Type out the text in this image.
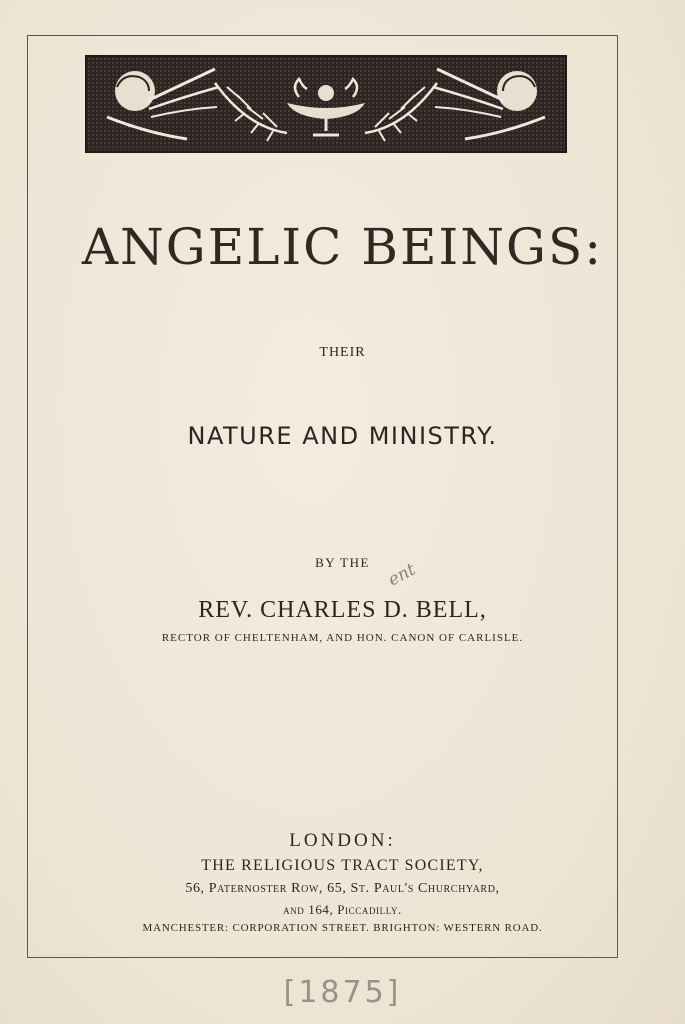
ANGELIC BEINGS:
THEIR
NATURE AND MINISTRY.
BY THE
REV. CHARLES D. BELL,
ent
RECTOR OF CHELTENHAM, AND HON. CANON OF CARLISLE.
LONDON:
THE RELIGIOUS TRACT SOCIETY,
56, Paternoster Row, 65, St. Paul's Churchyard,
and 164, Piccadilly.
MANCHESTER: CORPORATION STREET. BRIGHTON: WESTERN ROAD.
[1875]
